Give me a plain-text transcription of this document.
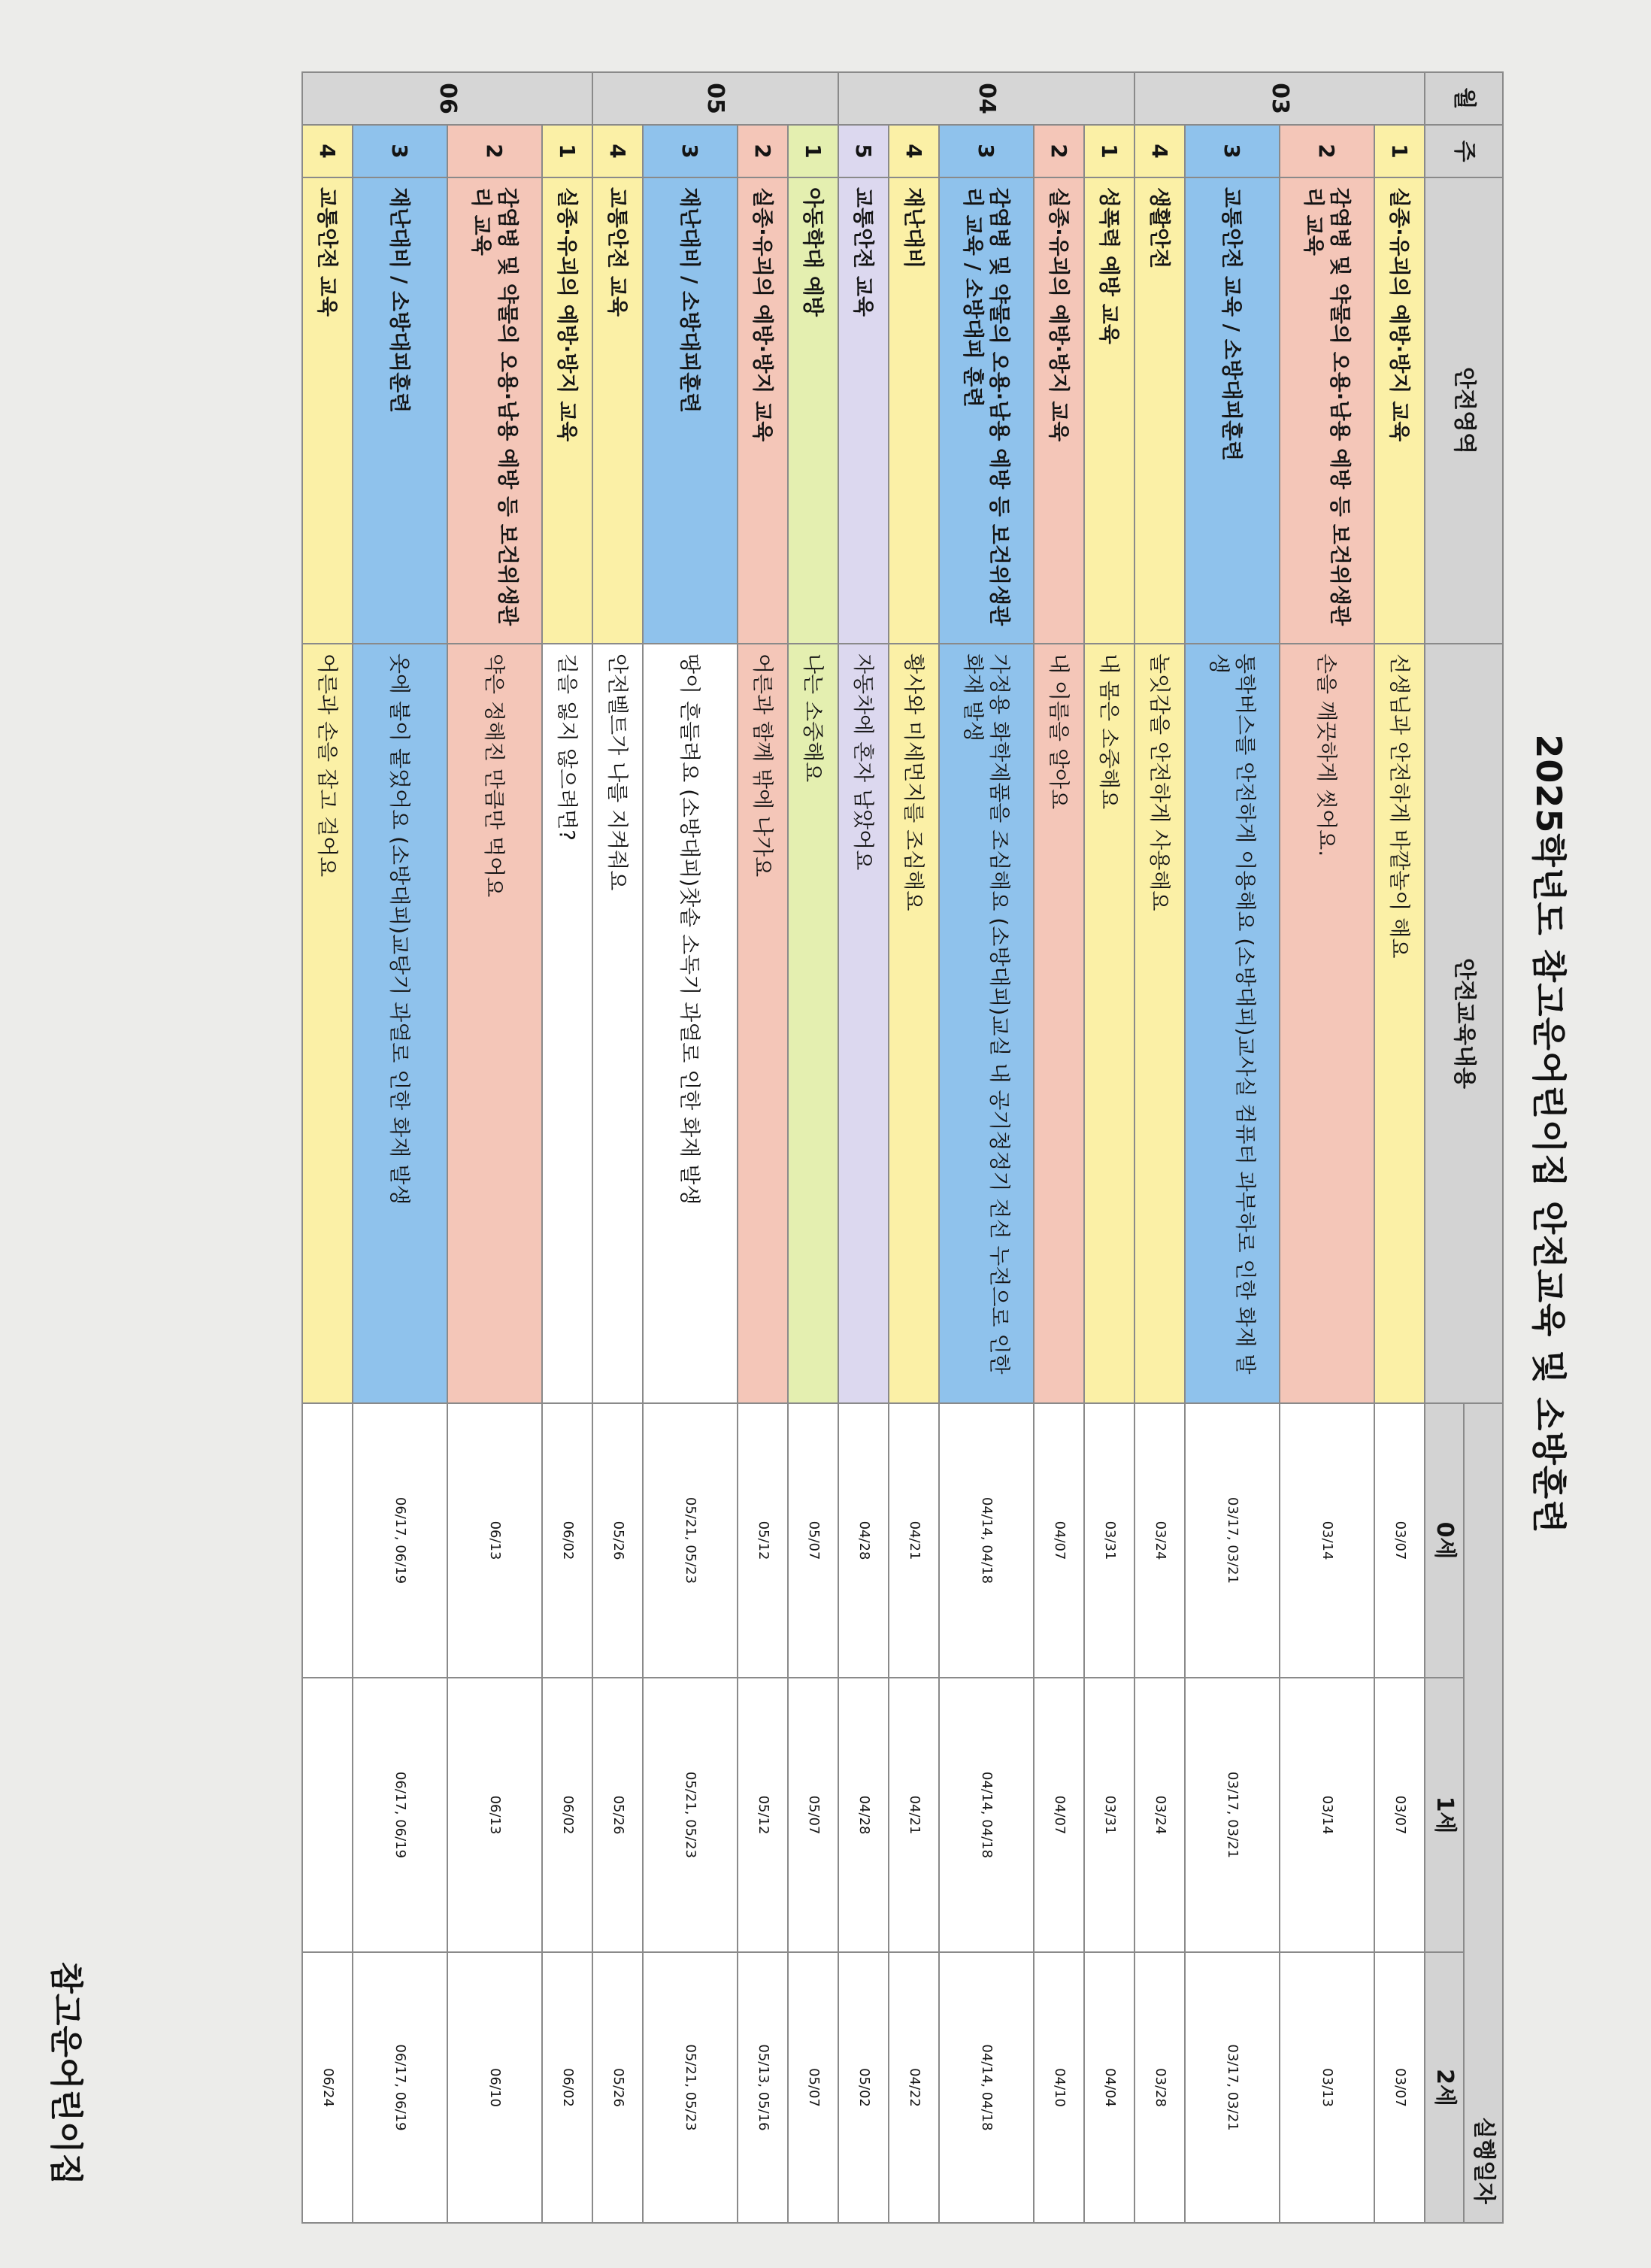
2025학년도 참고운어린이집 안전교육 및 소방훈련
월	주	안전영역	안전교육내용	실행일자		
				0세	1세	2세
03	1	실종·유괴의 예방·방지 교육	선생님과 안전하게 바깥놀이 해요	03/07	03/07	03/07
	2	감염병 및 약물의 오용·남용 예방 등 보건위생관리 교육	손을 깨끗하게 씻어요.	03/14	03/14	03/13
	3	교통안전 교육 / 소방대피훈련	통학버스를 안전하게 이용해요 (소방대피)교사실 컴퓨터 과부하로 인한 화재 발생	03/17, 03/21	03/17, 03/21	03/17, 03/21
	4	생활안전	놀잇감을 안전하게 사용해요	03/24	03/24	03/28
04	1	성폭력 예방 교육	내 몸은 소중해요	03/31	03/31	04/04
	2	실종·유괴의 예방·방지 교육	내 이름을 알아요	04/07	04/07	04/10
	3	감염병 및 약물의 오용·남용 예방 등 보건위생관리 교육 / 소방대피 훈련	가정용 화학제품을 조심해요 (소방대피)교실 내 공기청정기 전선 누전으로 인한 화재 발생	04/14, 04/18	04/14, 04/18	04/14, 04/18
	4	재난대비	황사와 미세먼지를 조심해요	04/21	04/21	04/22
	5	교통안전 교육	자동차에 혼자 남았어요	04/28	04/28	05/02
05	1	아동학대 예방	나는 소중해요	05/07	05/07	05/07
	2	실종·유괴의 예방·방지 교육	어른과 함께 밖에 나가요	05/12	05/12	05/13, 05/16
	3	재난대비 / 소방대피훈련	땅이 흔들려요 (소방대피)찻솥 소독기 과열로 인한 화재 발생	05/21, 05/23	05/21, 05/23	05/21, 05/23
	4	교통안전 교육	안전벨트가 나를 지켜줘요	05/26	05/26	05/26
06	1	실종·유괴의 예방·방지 교육	길을 잃지 않으려면?	06/02	06/02	06/02
	2	감염병 및 약물의 오용·남용 예방 등 보건위생관리 교육	약은 정해진 만큼만 먹어요	06/13	06/13	06/10
	3	재난대비 / 소방대피훈련	옷에 불이 붙었어요 (소방대피)교탕기 과열로 인한 화재 발생	06/17, 06/19	06/17, 06/19	06/17, 06/19
	4	교통안전 교육	어른과 손을 잡고 걸어요			06/24
참고운어린이집
